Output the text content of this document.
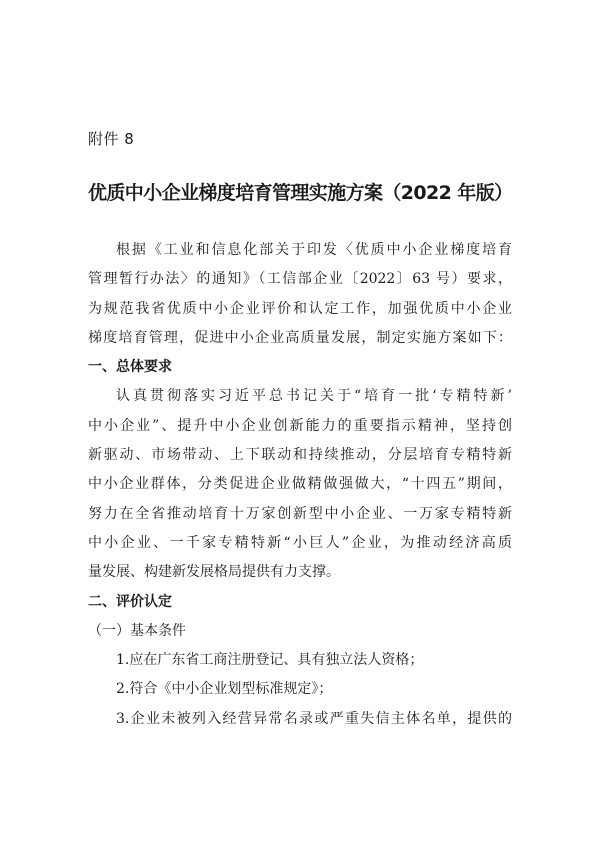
附件 8
优质中小企业梯度培育管理实施方案（2022 年版）
根据《工业和信息化部关于印发〈优质中小企业梯度培育
管理暂行办法〉的通知》（工信部企业〔2022〕63 号）要求，
为规范我省优质中小企业评价和认定工作，加强优质中小企业
梯度培育管理，促进中小企业高质量发展，制定实施方案如下：
一、总体要求
认真贯彻落实习近平总书记关于“培育一批‘专精特新’
中小企业”、提升中小企业创新能力的重要指示精神，坚持创
新驱动、市场带动、上下联动和持续推动，分层培育专精特新
中小企业群体，分类促进企业做精做强做大，“十四五”期间，
努力在全省推动培育十万家创新型中小企业、一万家专精特新
中小企业、一千家专精特新“小巨人”企业，为推动经济高质
量发展、构建新发展格局提供有力支撑。
二、评价认定
（一）基本条件
1.应在广东省工商注册登记、具有独立法人资格；
2.符合《中小企业划型标准规定》；
3.企业未被列入经营异常名录或严重失信主体名单，提供的
